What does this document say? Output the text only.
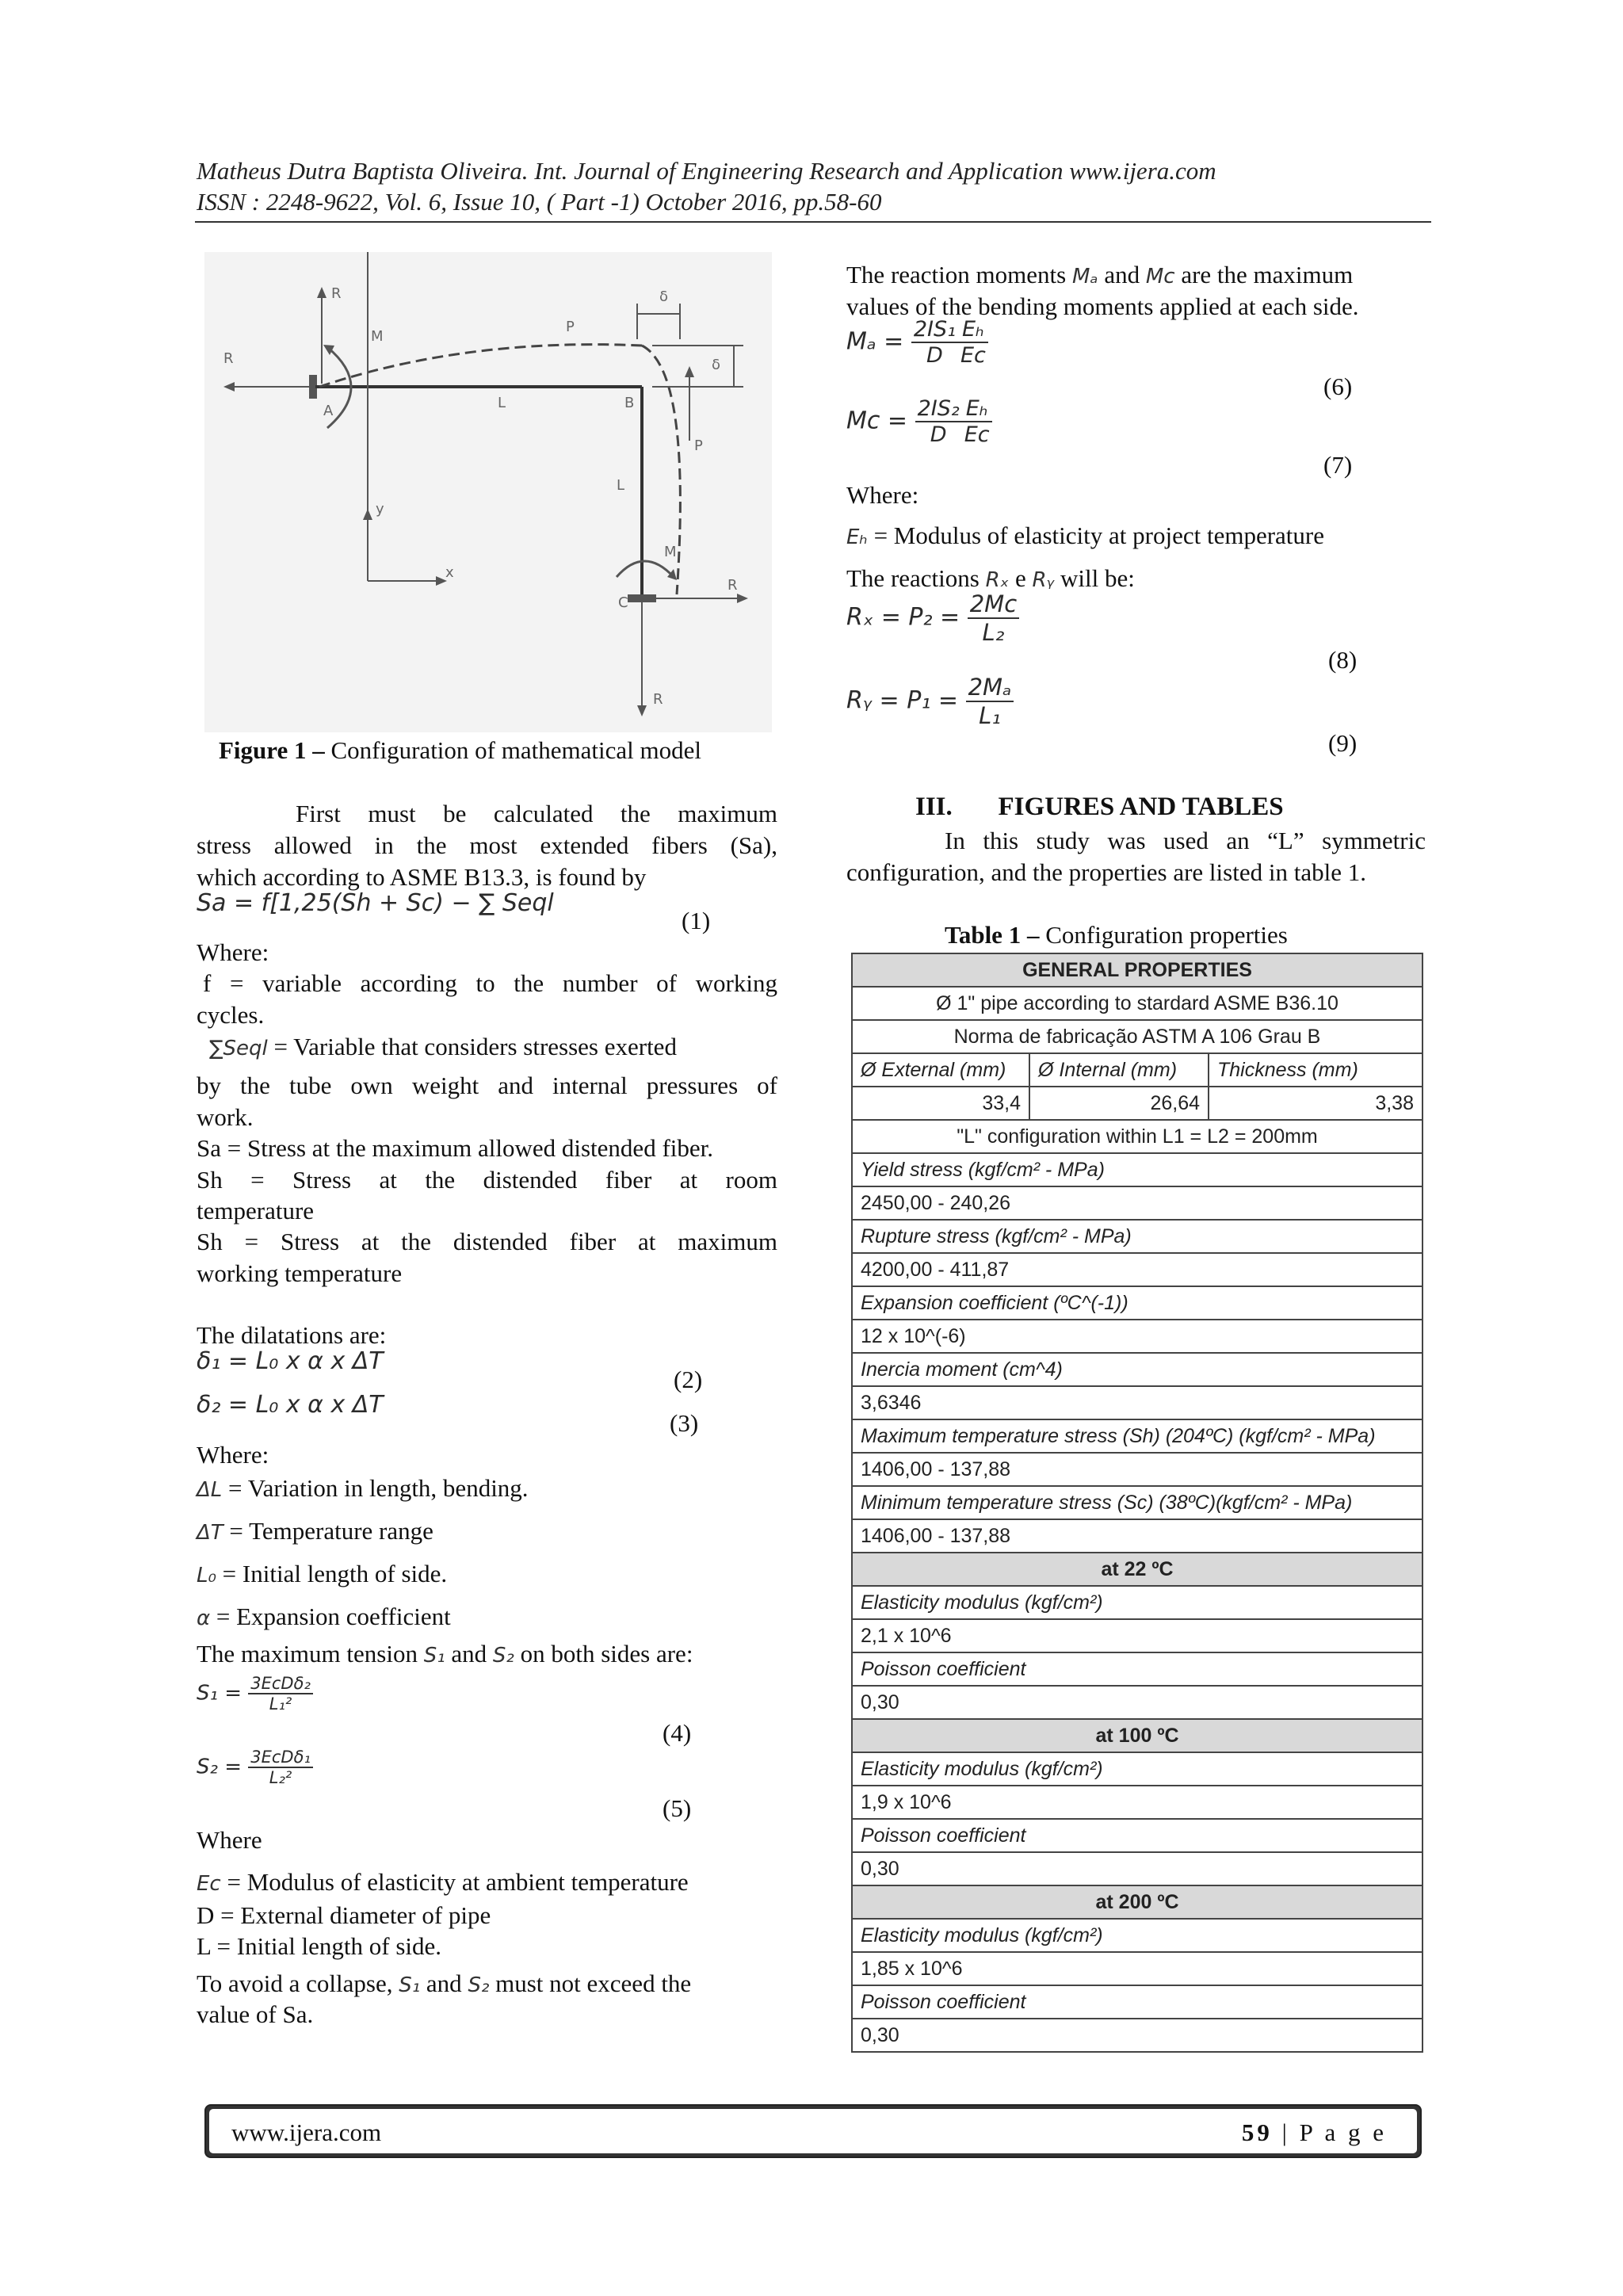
Matheus Dutra Baptista Oliveira. Int. Journal of Engineering Research and Application www.ijera.com
ISSN : 2248-9622, Vol. 6, Issue 10, ( Part -1) October 2016, pp.58-60
R
R
M
A
P
L	B
δ
δ
P
L
y
x
M
C
R
R
Figure 1 – Configuration of mathematical model
First must be calculated the maximum
stress allowed in the most extended fibers (Sa),
which according to ASME B13.3, is found by
Sa = f[1,25(Sh + Sc) − ∑ Seql
(1)
Where:
f = variable according to the number of working
cycles.
∑Seql = Variable that considers stresses exerted
by the tube own weight and internal pressures of
work.
Sa = Stress at the maximum allowed distended fiber.
Sh = Stress at the distended fiber at room
temperature
Sh = Stress at the distended fiber at maximum
working temperature
The dilatations are:
δ₁ = L₀ x α x ΔT
(2)
δ₂ = L₀ x α x ΔT
(3)
Where:
ΔL = Variation in length, bending.
ΔT = Temperature range
L₀ = Initial length of side.
α = Expansion coefficient
The maximum tension S₁ and S₂ on both sides are:
$S_1 = \frac{\text{3EᴄDδ₂}}{\text{L₁²}}$
(4)
$S_2 = \frac{\text{3EᴄDδ₁}}{\text{L₂²}}$
(5)
Where
Eᴄ = Modulus of elasticity at ambient temperature
D = External diameter of pipe
L = Initial length of side.
To avoid a collapse, S₁ and S₂ must not exceed the
value of Sa.
The reaction moments Mₐ and Mᴄ are the maximum
values of the bending moments applied at each side.
$M_a = \frac{\text{2IS₁}}{D} \frac{\text{Eₕ}}{\text{Eᴄ}}$
(6)
Mᴄ = $\frac{\text{2IS₂}}{D} \frac{\text{Eₕ}}{\text{Eᴄ}}$
(7)
Where:
Eₕ = Modulus of elasticity at project temperature
The reactions Rₓ e Rᵧ will be:
$R_x = P_2 = \frac{\text{2Mᴄ}}{\text{L₂}}$
(8)
Rᵧ = $P_1 = \frac{\text{2Mₐ}}{\text{L₁}}$
(9)
III.       FIGURES AND TABLES
In this study was used an “L” symmetric
configuration, and the properties are listed in table 1.
Table 1 – Configuration properties
GENERAL PROPERTIES
Ø 1" pipe according to stardard ASME B36.10
Norma de fabricação ASTM A 106 Grau B
Ø External (mm)	Ø Internal (mm)	Thickness (mm)
33,4	26,64	3,38
"L" configuration within L1 = L2 = 200mm
Yield stress (kgf/cm² - MPa)
2450,00 - 240,26
Rupture stress (kgf/cm² - MPa)
4200,00 - 411,87
Expansion coefficient (ºC^(-1))
12 x 10^(-6)
Inercia moment (cm^4)
3,6346
Maximum temperature stress (Sh) (204ºC) (kgf/cm² - MPa)
1406,00 - 137,88
Minimum temperature stress (Sc) (38ºC)(kgf/cm² - MPa)
1406,00 - 137,88
at 22 ºC
Elasticity modulus (kgf/cm²)
2,1 x 10^6
Poisson coefficient
0,30
at 100 ºC
Elasticity modulus (kgf/cm²)
1,9 x 10^6
Poisson coefficient
0,30
at 200 ºC
Elasticity modulus (kgf/cm²)
1,85 x 10^6
Poisson coefficient
0,30
www.ijera.com	59 | P a g e
